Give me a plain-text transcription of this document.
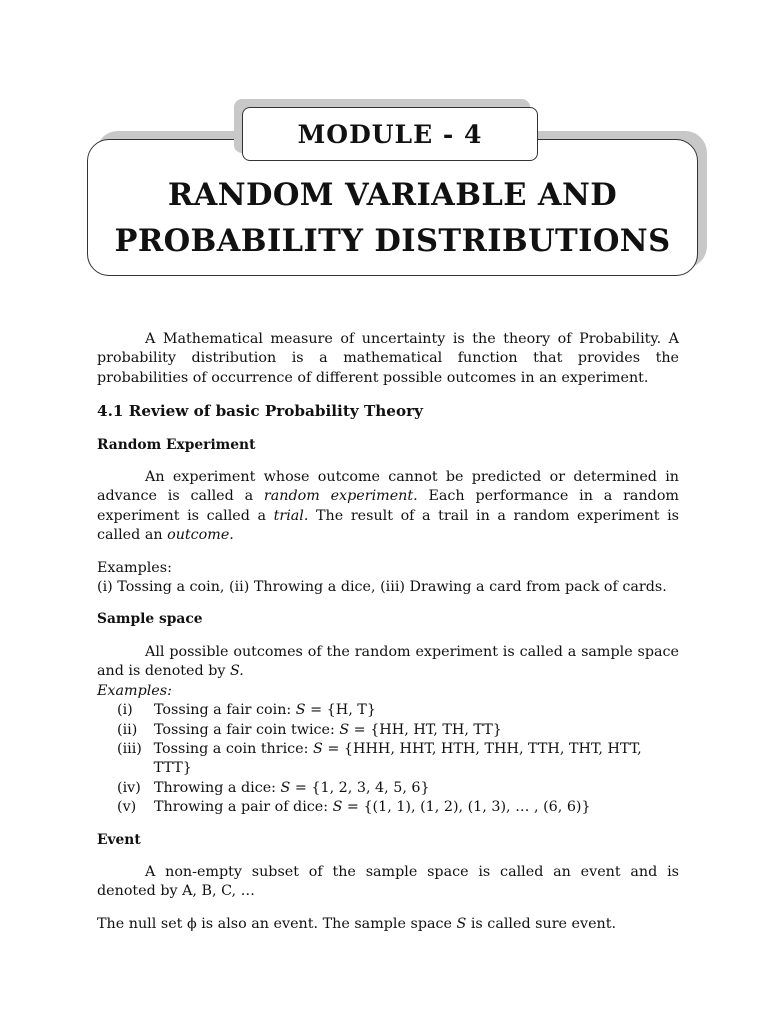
MODULE - 4
RANDOM VARIABLE AND
PROBABILITY DISTRIBUTIONS

A Mathematical measure of uncertainty is the theory of Probability. A probability distribution is a mathematical function that provides the probabilities of occurrence of different possible outcomes in an experiment.

4.1 Review of basic Probability Theory

Random Experiment

An experiment whose outcome cannot be predicted or determined in advance is called a random experiment. Each performance in a random experiment is called a trial. The result of a trail in a random experiment is called an outcome.

Examples:

(i) Tossing a coin, (ii) Throwing a dice, (iii) Drawing a card from pack of cards.

Sample space

All possible outcomes of the random experiment is called a sample space and is denoted by S.

Examples:

(i)	Tossing a fair coin: S = {H, T}
(ii)	Tossing a fair coin twice: S = {HH, HT, TH, TT}
(iii) Tossing a coin thrice: S = {HHH, HHT, HTH, THH, TTH, THT, HTT, TTT}
(iv) Throwing a dice: S = {1, 2, 3, 4, 5, 6}
(v)	Throwing a pair of dice: S = {(1, 1), (1, 2), (1, 3), … , (6, 6)}

Event

A non-empty subset of the sample space is called an event and is denoted by A, B, C, …

The null set ϕ is also an event. The sample space S is called sure event.
